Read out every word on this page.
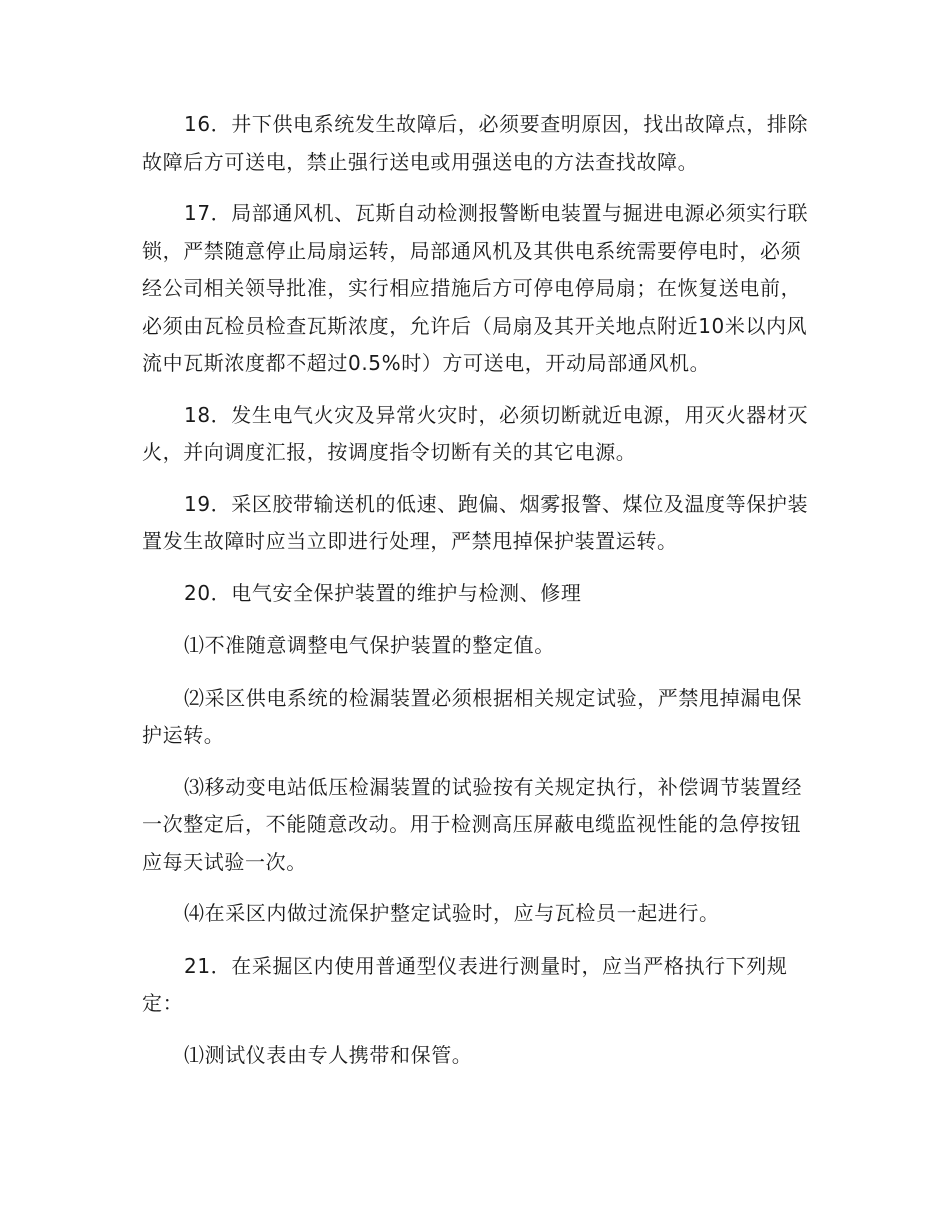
16．井下供电系统发生故障后，必须要查明原因，找出故障点，排除故障后方可送电，禁止强行送电或用强送电的方法查找故障。

17．局部通风机、瓦斯自动检测报警断电装置与掘进电源必须实行联锁，严禁随意停止局扇运转，局部通风机及其供电系统需要停电时，必须经公司相关领导批准，实行相应措施后方可停电停局扇；在恢复送电前，必须由瓦检员检查瓦斯浓度，允许后（局扇及其开关地点附近10米以内风流中瓦斯浓度都不超过0.5%时）方可送电，开动局部通风机。

18．发生电气火灾及异常火灾时，必须切断就近电源，用灭火器材灭火，并向调度汇报，按调度指令切断有关的其它电源。

19．采区胶带输送机的低速、跑偏、烟雾报警、煤位及温度等保护装置发生故障时应当立即进行处理，严禁甩掉保护装置运转。

20．电气安全保护装置的维护与检测、修理

⑴不准随意调整电气保护装置的整定值。

⑵采区供电系统的检漏装置必须根据相关规定试验，严禁甩掉漏电保护运转。

⑶移动变电站低压检漏装置的试验按有关规定执行，补偿调节装置经一次整定后，不能随意改动。用于检测高压屏蔽电缆监视性能的急停按钮应每天试验一次。

⑷在采区内做过流保护整定试验时，应与瓦检员一起进行。

21．在采掘区内使用普通型仪表进行测量时，应当严格执行下列规定：

⑴测试仪表由专人携带和保管。
